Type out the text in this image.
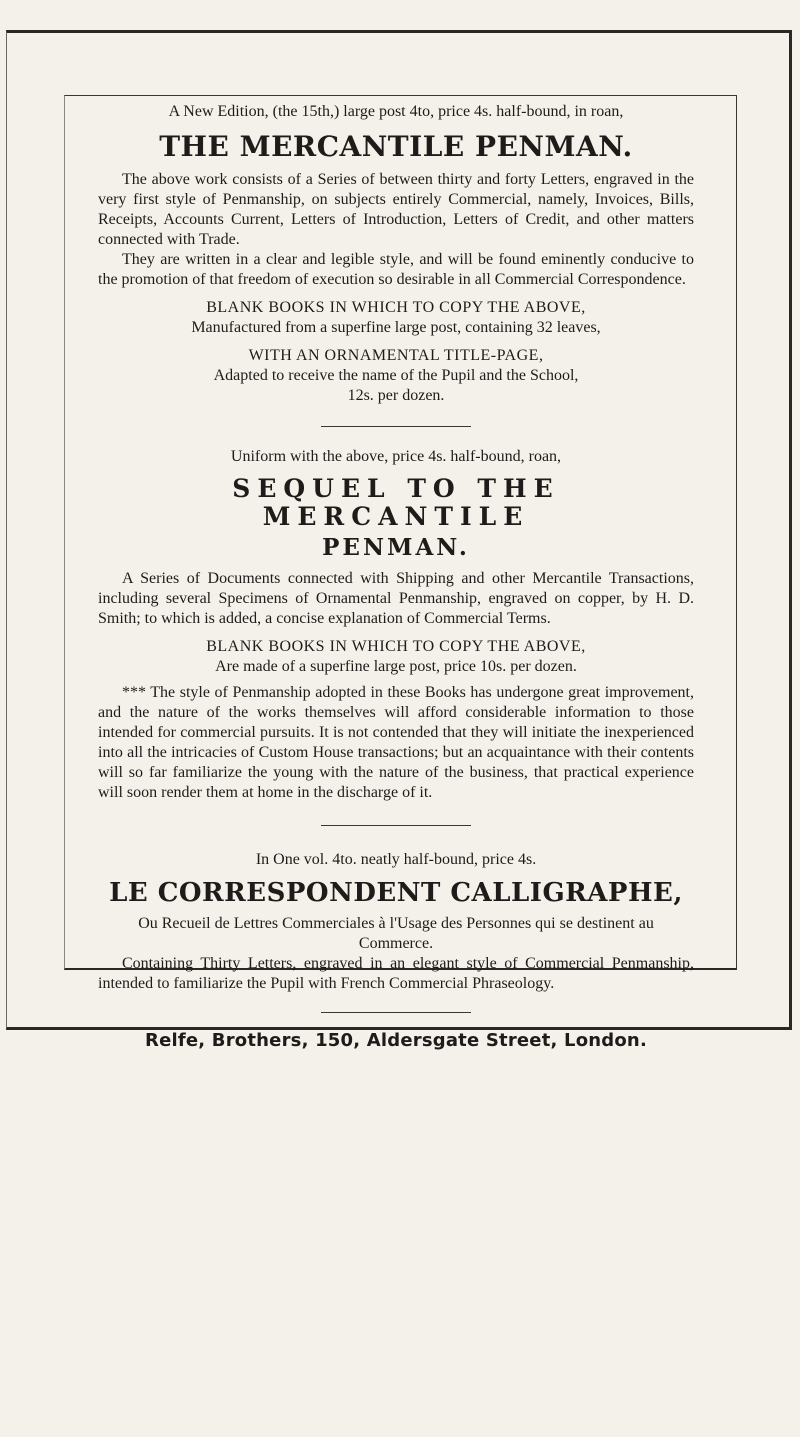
A New Edition, (the 15th,) large post 4to, price 4s. half-bound, in roan,
THE MERCANTILE PENMAN.
The above work consists of a Series of between thirty and forty Letters, engraved in the very first style of Penmanship, on subjects entirely Commercial, namely, Invoices, Bills, Receipts, Accounts Current, Letters of Introduction, Letters of Credit, and other matters connected with Trade.
They are written in a clear and legible style, and will be found eminently conducive to the promotion of that freedom of execution so desirable in all Commercial Correspondence.
BLANK BOOKS IN WHICH TO COPY THE ABOVE,
Manufactured from a superfine large post, containing 32 leaves,
WITH AN ORNAMENTAL TITLE-PAGE,
Adapted to receive the name of the Pupil and the School,
12s. per dozen.
Uniform with the above, price 4s. half-bound, roan,
SEQUEL TO THE MERCANTILE
PENMAN.
A Series of Documents connected with Shipping and other Mercantile Transactions, including several Specimens of Ornamental Penmanship, engraved on copper, by H. D. Smith; to which is added, a concise explanation of Commercial Terms.
BLANK BOOKS IN WHICH TO COPY THE ABOVE,
Are made of a superfine large post, price 10s. per dozen.
*** The style of Penmanship adopted in these Books has undergone great improvement, and the nature of the works themselves will afford considerable information to those intended for commercial pursuits. It is not contended that they will initiate the inexperienced into all the intricacies of Custom House transactions; but an acquaintance with their contents will so far familiarize the young with the nature of the business, that practical experience will soon render them at home in the discharge of it.
In One vol. 4to. neatly half-bound, price 4s.
LE CORRESPONDENT CALLIGRAPHE,
Ou Recueil de Lettres Commerciales à l'Usage des Personnes qui se destinent au Commerce.
Containing Thirty Letters, engraved in an elegant style of Commercial Penmanship, intended to familiarize the Pupil with French Commercial Phraseology.
Relfe, Brothers, 150, Aldersgate Street, London.
